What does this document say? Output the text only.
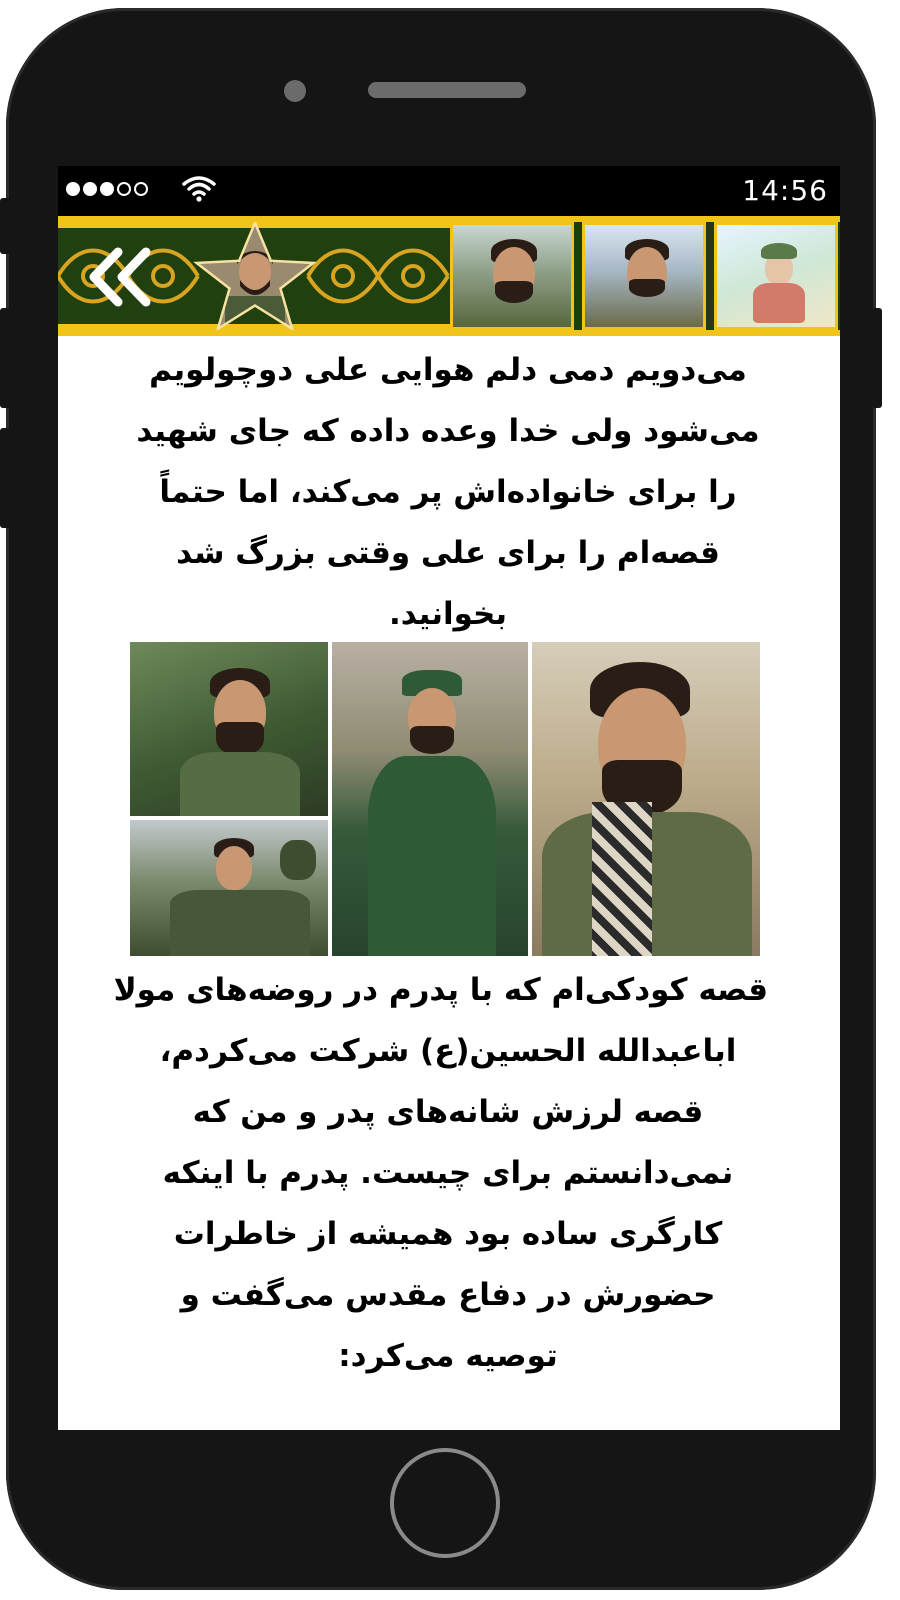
14:56
می‌دویم دمی دلم هوایی علی دوچولویم
می‌شود ولی خدا وعده داده که جای شهید
را برای خانواده‌اش پر می‌کند، اما حتماً
قصه‌ام را برای علی وقتی بزرگ شد
بخوانید.
قصه کودکی‌ام که با پدرم در روضه‌های مولا
اباعبدالله الحسین(ع) شرکت می‌کردم،
قصه لرزش شانه‌های پدر و من که
نمی‌دانستم برای چیست. پدرم با اینکه
کارگری ساده بود همیشه از خاطرات
حضورش در دفاع مقدس می‌گفت و
توصیه می‌کرد:
